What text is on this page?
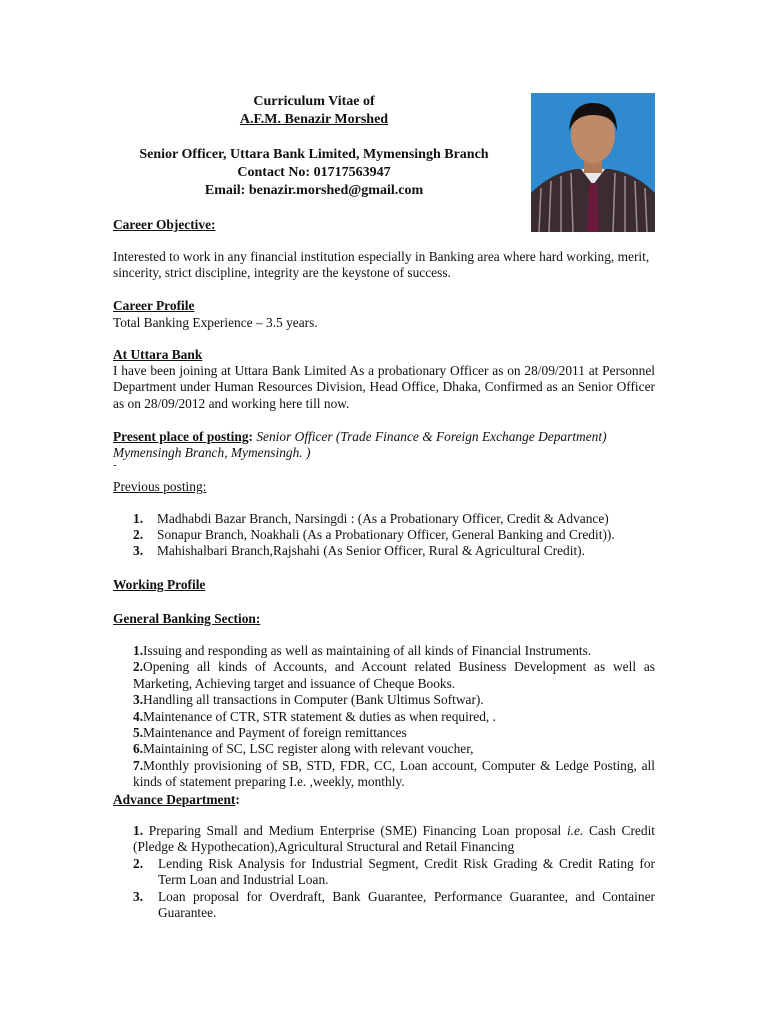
Curriculum Vitae of
A.F.M. Benazir Morshed
Senior Officer, Uttara Bank Limited, Mymensingh Branch
Contact No: 01717563947
Email: benazir.morshed@gmail.com
Career Objective:
Interested to work in any financial institution especially in Banking area where hard working, merit, sincerity, strict discipline, integrity are the keystone of success.
Career Profile
Total Banking Experience – 3.5 years.
At Uttara Bank
I have been joining at Uttara Bank Limited As a probationary Officer as on 28/09/2011 at Personnel Department under Human Resources Division, Head Office, Dhaka, Confirmed as an Senior Officer as on 28/09/2012 and working here till now.
Present place of posting: Senior Officer (Trade Finance & Foreign Exchange Department) Mymensingh Branch, Mymensingh. )
-
Previous posting:
1. Madhabdi Bazar Branch, Narsingdi : (As a Probationary Officer, Credit & Advance)
2. Sonapur Branch, Noakhali (As a Probationary Officer, General Banking and Credit)).
3. Mahishalbari Branch,Rajshahi (As Senior Officer, Rural & Agricultural Credit).
Working Profile
General Banking Section:
1.Issuing and responding as well as maintaining of all kinds of Financial Instruments.
2.Opening all kinds of Accounts, and Account related Business Development as well as Marketing, Achieving target and issuance of Cheque Books.
3.Handling all transactions in Computer (Bank Ultimus Softwar).
4.Maintenance of CTR, STR statement & duties as when required, .
5.Maintenance and Payment of foreign remittances
6.Maintaining of SC, LSC register along with relevant voucher,
7.Monthly provisioning of SB, STD, FDR, CC, Loan account, Computer & Ledge Posting, all kinds of statement preparing I.e. ,weekly, monthly.
Advance Department:
1. Preparing Small and Medium Enterprise (SME) Financing Loan proposal i.e. Cash Credit      (Pledge & Hypothecation),Agricultural Structural and Retail Financing
2. Lending Risk Analysis for Industrial Segment, Credit Risk Grading & Credit Rating for Term Loan and Industrial Loan.
3. Loan proposal for Overdraft, Bank Guarantee, Performance Guarantee, and Container Guarantee.
